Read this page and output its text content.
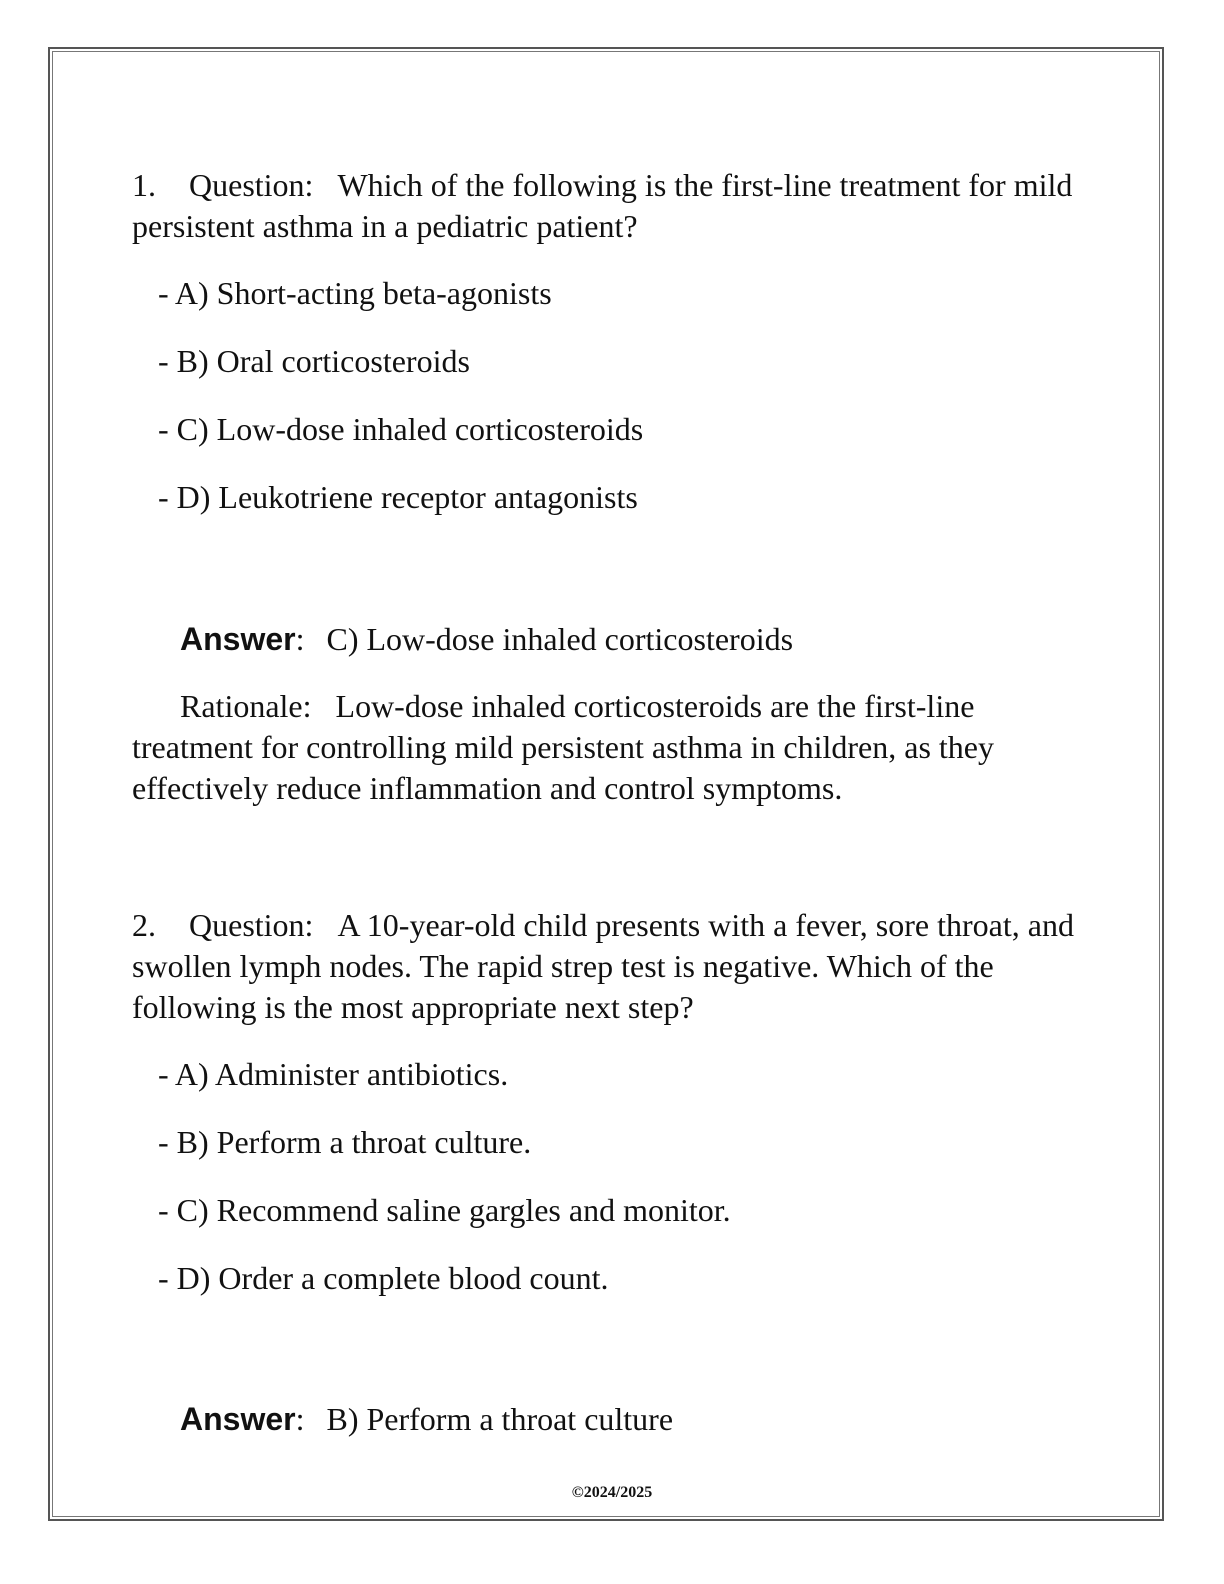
1. Question: Which of the following is the first-line treatment for mild persistent asthma in a pediatric patient?

- A) Short-acting beta-agonists
- B) Oral corticosteroids
- C) Low-dose inhaled corticosteroids
- D) Leukotriene receptor antagonists

Answer: C) Low-dose inhaled corticosteroids

Rationale: Low-dose inhaled corticosteroids are the first-line treatment for controlling mild persistent asthma in children, as they effectively reduce inflammation and control symptoms.

2. Question: A 10-year-old child presents with a fever, sore throat, and swollen lymph nodes. The rapid strep test is negative. Which of the following is the most appropriate next step?

- A) Administer antibiotics.
- B) Perform a throat culture.
- C) Recommend saline gargles and monitor.
- D) Order a complete blood count.

Answer: B) Perform a throat culture

©2024/2025
